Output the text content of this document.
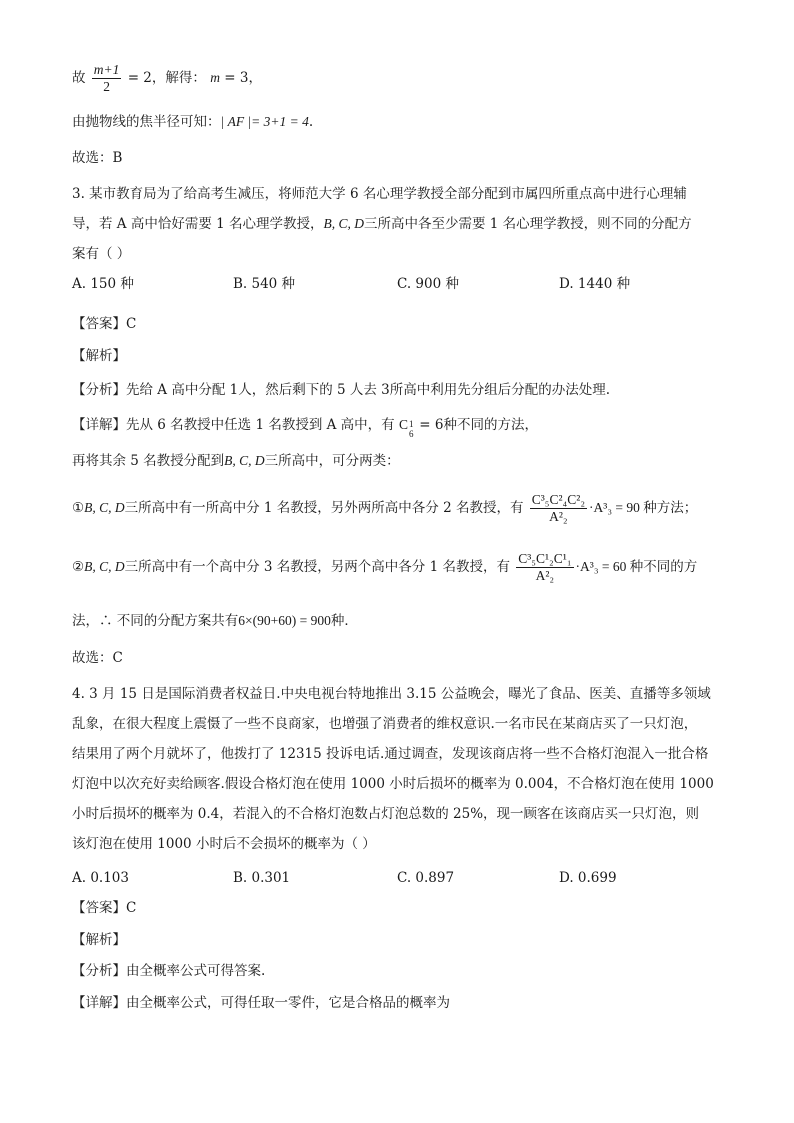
故 $\frac{m+1}{2} = 2$，解得： m = 3，
由抛物线的焦半径可知：| AF |= 3+1 = 4.
故选：B
3. 某市教育局为了给高考生减压，将师范大学 6 名心理学教授全部分配到市属四所重点高中进行心理辅
导，若 A 高中恰好需要 1 名心理学教授，B, C, D三所高中各至少需要 1 名心理学教授，则不同的分配方
案有（ ）
A. 150 种	B. 540 种	C. 900 种	D. 1440 种
【答案】C
【解析】
【分析】先给 A 高中分配 1人，然后剩下的 5 人去 3所高中利用先分组后分配的办法处理.
【详解】先从 6 名教授中任选 1 名教授到 A 高中，有 C 1
6
= 6种不同的方法，
再将其余 5 名教授分配到B, C, D三所高中，可分两类：
①B, C, D三所高中有一所高中分 1 名教授，另外两所高中各分 2 名教授，有 $\frac{\text{C³₅C²₄C²₂}}{\text{A²₂}} \cdot A^3_3 = 90$ 种方法；
②B, C, D三所高中有一个高中分 3 名教授，另两个高中各分 1 名教授，有 $\frac{\text{C³₅C¹₂C¹₁}}{\text{A²₂}} \cdot A^3_3 = 60$ 种不同的方
法，∴ 不同的分配方案共有6×(90+60) = 900种．
故选：C
4. 3 月 15 日是国际消费者权益日.中央电视台特地推出 3.15 公益晚会，曝光了食品、医美、直播等多领域
乱象，在很大程度上震慑了一些不良商家，也增强了消费者的维权意识.一名市民在某商店买了一只灯泡，
结果用了两个月就坏了，他拨打了 12315 投诉电话.通过调查，发现该商店将一些不合格灯泡混入一批合格
灯泡中以次充好卖给顾客.假设合格灯泡在使用 1000 小时后损坏的概率为 0.004，不合格灯泡在使用 1000
小时后损坏的概率为 0.4，若混入的不合格灯泡数占灯泡总数的 25%，现一顾客在该商店买一只灯泡，则
该灯泡在使用 1000 小时后不会损坏的概率为（ ）
A. 0.103	B. 0.301	C. 0.897	D. 0.699
【答案】C
【解析】
【分析】由全概率公式可得答案.
【详解】由全概率公式，可得任取一零件，它是合格品的概率为
